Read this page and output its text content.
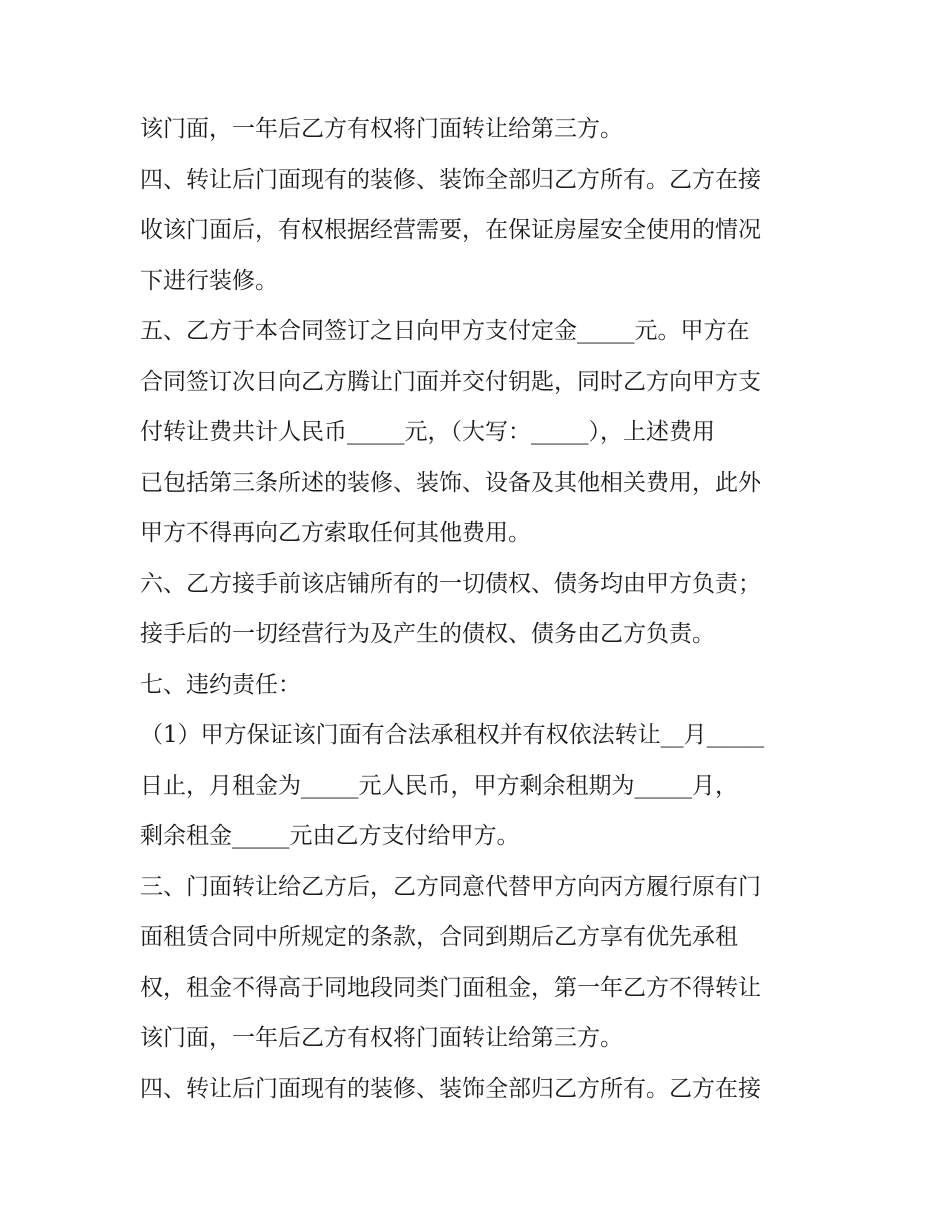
该门面，一年后乙方有权将门面转让给第三方。
四、转让后门面现有的装修、装饰全部归乙方所有。乙方在接
收该门面后，有权根据经营需要，在保证房屋安全使用的情况
下进行装修。
五、乙方于本合同签订之日向甲方支付定金_____元。甲方在
合同签订次日向乙方腾让门面并交付钥匙，同时乙方向甲方支
付转让费共计人民币_____元，（大写：_____），上述费用
已包括第三条所述的装修、装饰、设备及其他相关费用，此外
甲方不得再向乙方索取任何其他费用。
六、乙方接手前该店铺所有的一切债权、债务均由甲方负责；
接手后的一切经营行为及产生的债权、债务由乙方负责。
七、违约责任：
（1）甲方保证该门面有合法承租权并有权依法转让__月_____
日止，月租金为_____元人民币，甲方剩余租期为_____月，
剩余租金_____元由乙方支付给甲方。
三、门面转让给乙方后，乙方同意代替甲方向丙方履行原有门
面租赁合同中所规定的条款，合同到期后乙方享有优先承租
权，租金不得高于同地段同类门面租金，第一年乙方不得转让
该门面，一年后乙方有权将门面转让给第三方。
四、转让后门面现有的装修、装饰全部归乙方所有。乙方在接
